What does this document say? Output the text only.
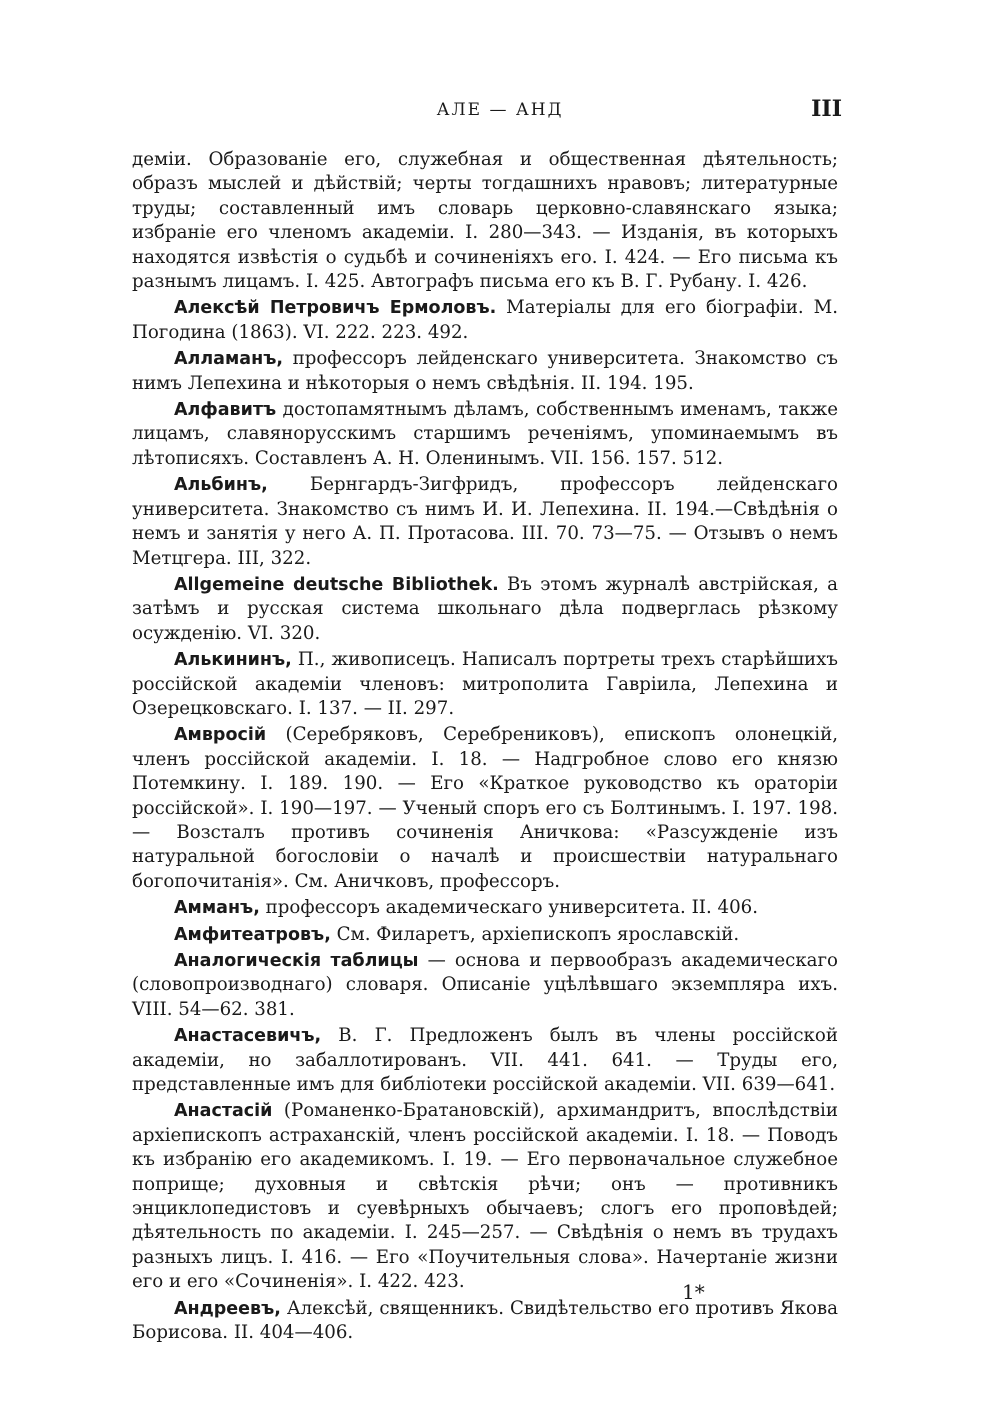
АЛЕ — АНД	III

деміи. Образованіе его, служебная и общественная дѣятельность; образъ мыслей и дѣйствій; черты тогдашнихъ нравовъ; литературные труды; составленный имъ словарь церковно-славянскаго языка; избраніе его членомъ академіи. I. 280—343. — Изданія, въ которыхъ находятся извѣстія о судьбѣ и сочиненіяхъ его. I. 424. — Его письма къ разнымъ лицамъ. I. 425. Автографъ письма его къ В. Г. Рубану. I. 426.

Алексѣй Петровичъ Ермоловъ. Матеріалы для его біографіи. М. Погодина (1863). VI. 222. 223. 492.

Алламанъ, профессоръ лейденскаго университета. Знакомство съ нимъ Лепехина и нѣкоторыя о немъ свѣдѣнія. II. 194. 195.

Алфавитъ достопамятнымъ дѣламъ, собственнымъ именамъ, также лицамъ, славянорусскимъ старшимъ реченіямъ, упоминаемымъ въ лѣтописяхъ. Составленъ А. Н. Оленинымъ. VII. 156. 157. 512.

Альбинъ, Бернгардъ-Зигфридъ, профессоръ лейденскаго университета. Знакомство съ нимъ И. И. Лепехина. II. 194.—Свѣдѣнія о немъ и занятія у него А. П. Протасова. III. 70. 73—75. — Отзывъ о немъ Метцгера. III, 322.

Allgemeine deutsche Bibliothek. Въ этомъ журналѣ австрійская, а затѣмъ и русская система школьнаго дѣла подверглась рѣзкому осужденію. VI. 320.

Алькининъ, П., живописецъ. Написалъ портреты трехъ старѣйшихъ россійской академіи членовъ: митрополита Гавріила, Лепехина и Озерецковскаго. I. 137. — II. 297.

Амвросій (Серебряковъ, Серебрениковъ), епископъ олонецкій, членъ россійской академіи. I. 18. — Надгробное слово его князю Потемкину. I. 189. 190. — Его «Краткое руководство къ ораторіи россійской». I. 190—197. — Ученый споръ его съ Болтинымъ. I. 197. 198. — Возсталъ противъ сочиненія Аничкова: «Разсужденіе изъ натуральной богословіи о началѣ и происшествіи натуральнаго богопочитанія». См. Аничковъ, профессоръ.

Амманъ, профессоръ академическаго университета. II. 406.

Амфитеатровъ, См. Филаретъ, архіепископъ ярославскій.

Аналогическія таблицы — основа и первообразъ академическаго (словопроизводнаго) словаря. Описаніе уцѣлѣвшаго экземпляра ихъ. VIII. 54—62. 381.

Анастасевичъ, В. Г. Предложенъ былъ въ члены россійской академіи, но забаллотированъ. VII. 441. 641. — Труды его, представленные имъ для библіотеки россійской академіи. VII. 639—641.

Анастасій (Романенко-Братановскій), архимандритъ, впослѣдствіи архіепископъ астраханскій, членъ россійской академіи. I. 18. — Поводъ къ избранію его академикомъ. I. 19. — Его первоначальное служебное поприще; духовныя и свѣтскія рѣчи; онъ — противникъ энциклопедистовъ и суевѣрныхъ обычаевъ; слогъ его проповѣдей; дѣятельность по академіи. I. 245—257. — Свѣдѣнія о немъ въ трудахъ разныхъ лицъ. I. 416. — Его «Поучительныя слова». Начертаніе жизни его и его «Сочиненія». I. 422. 423.

Андреевъ, Алексѣй, священникъ. Свидѣтельство его противъ Якова Борисова. II. 404—406.

1*
